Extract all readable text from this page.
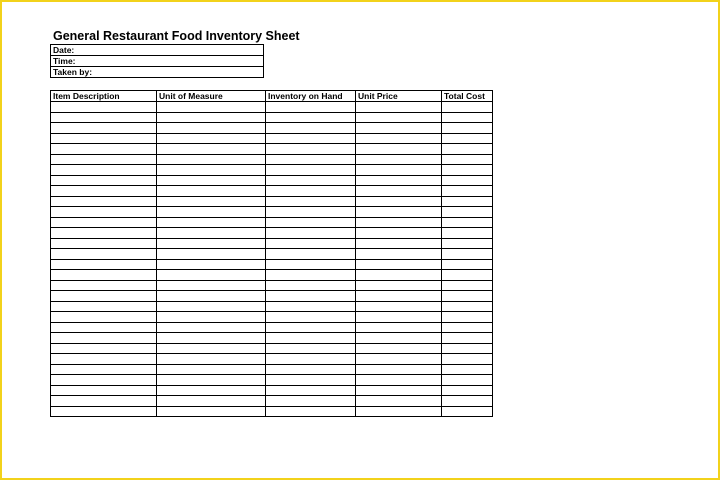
General Restaurant Food Inventory Sheet
Date:
Time:
Taken by:
Item Description	Unit of Measure	Inventory on Hand	Unit Price	Total Cost
